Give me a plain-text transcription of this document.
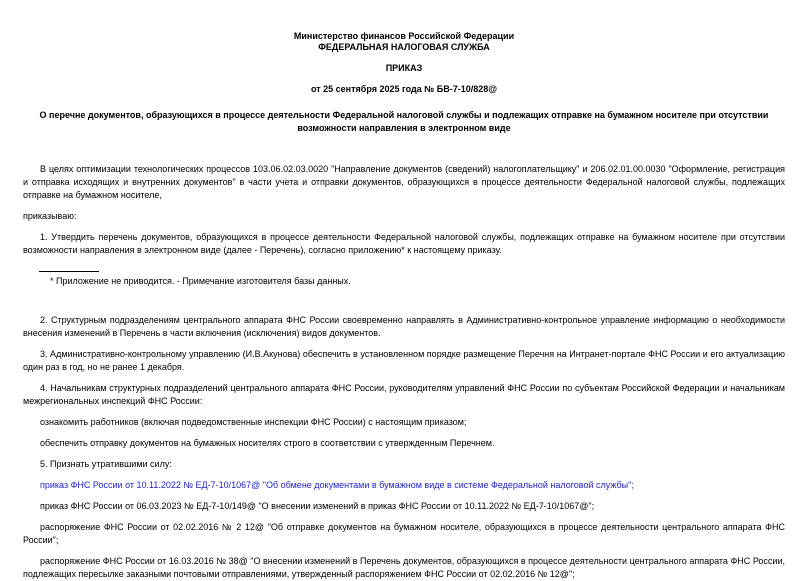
Министерство финансов Российской Федерации

ФЕДЕРАЛЬНАЯ НАЛОГОВАЯ СЛУЖБА

ПРИКАЗ

от 25 сентября 2025 года № БВ-7-10/828@

О перечне документов, образующихся в процессе деятельности Федеральной налоговой службы и подлежащих отправке на бумажном носителе при отсутствии возможности направления в электронном виде

В целях оптимизации технологических процессов 103.06.02.03.0020 "Направление документов (сведений) налогоплательщику" и 206.02.01.00.0030 "Оформление, регистрация и отправка исходящих и внутренних документов" в части учета и отправки документов, образующихся в процессе деятельности Федеральной налоговой службы, подлежащих отправке на бумажном носителе,

приказываю:

1. Утвердить перечень документов, образующихся в процессе деятельности Федеральной налоговой службы, подлежащих отправке на бумажном носителе при отсутствии возможности направления в электронном виде (далее - Перечень), согласно приложению* к настоящему приказу.

* Приложение не приводится. - Примечание изготовителя базы данных.

2. Структурным подразделениям центрального аппарата ФНС России своевременно направлять в Административно-контрольное управление информацию о необходимости внесения изменений в Перечень в части включения (исключения) видов документов.

3. Административно-контрольному управлению (И.В.Акунова) обеспечить в установленном порядке размещение Перечня на Интранет-портале ФНС России и его актуализацию один раз в год, но не ранее 1 декабря.

4. Начальникам структурных подразделений центрального аппарата ФНС России, руководителям управлений ФНС России по субъектам Российской Федерации и начальникам межрегиональных инспекций ФНС России:

ознакомить работников (включая подведомственные инспекции ФНС России) с настоящим приказом;

обеспечить отправку документов на бумажных носителях строго в соответствии с утвержденным Перечнем.

5. Признать утратившими силу:

приказ ФНС России от 10.11.2022 № ЕД-7-10/1067@ "Об обмене документами в бумажном виде в системе Федеральной налоговой службы";

приказ ФНС России от 06.03.2023 № ЕД-7-10/149@ "О внесении изменений в приказ ФНС России от 10.11.2022 № ЕД-7-10/1067@";

распоряжение ФНС России от 02.02.2016 № 2 12@ "Об отправке документов на бумажном носителе, образующихся в процессе деятельности центрального аппарата ФНС России";

распоряжение ФНС России от 16.03.2016 № 38@ "О внесении изменений в Перечень документов, образующихся в процессе деятельности центрального аппарата ФНС России, подлежащих пересылке заказными почтовыми отправлениями, утвержденный распоряжением ФНС России от 02.02.2016 № 12@";
